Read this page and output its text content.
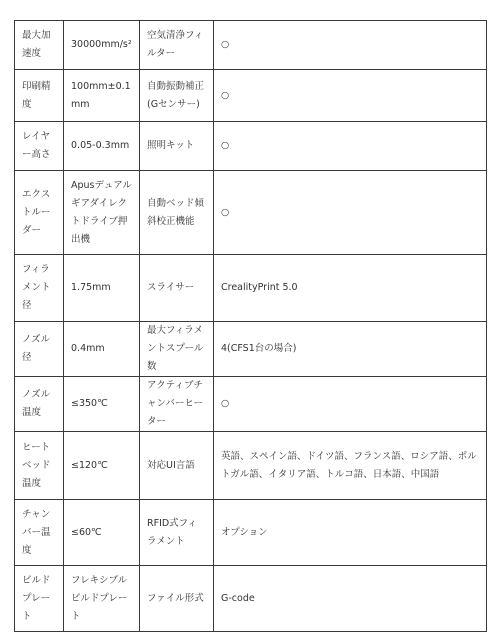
最大加速度	30000mm/s²	空気清浄フィルター	○
印刷精度	100mm±0.1mm	自動振動補正(Gセンサー)	○
レイヤー高さ	0.05-0.3mm	照明キット	○
エクストルーダー	Apusデュアルギアダイレクトドライブ押出機	自動ベッド傾斜校正機能	○
フィラメント径	1.75mm	スライサー	CrealityPrint 5.0
ノズル径	0.4mm	最大フィラメントスプール数	4(CFS1台の場合)
ノズル温度	≤350℃	アクティブチャンバーヒーター	○
ヒートベッド温度	≤120℃	対応UI言語	英語、スペイン語、ドイツ語、フランス語、ロシア語、ポルトガル語、イタリア語、トルコ語、日本語、中国語
チャンバー温度	≤60℃	RFID式フィラメント	オプション
ビルドプレート	フレキシブルビルドプレート	ファイル形式	G-code
